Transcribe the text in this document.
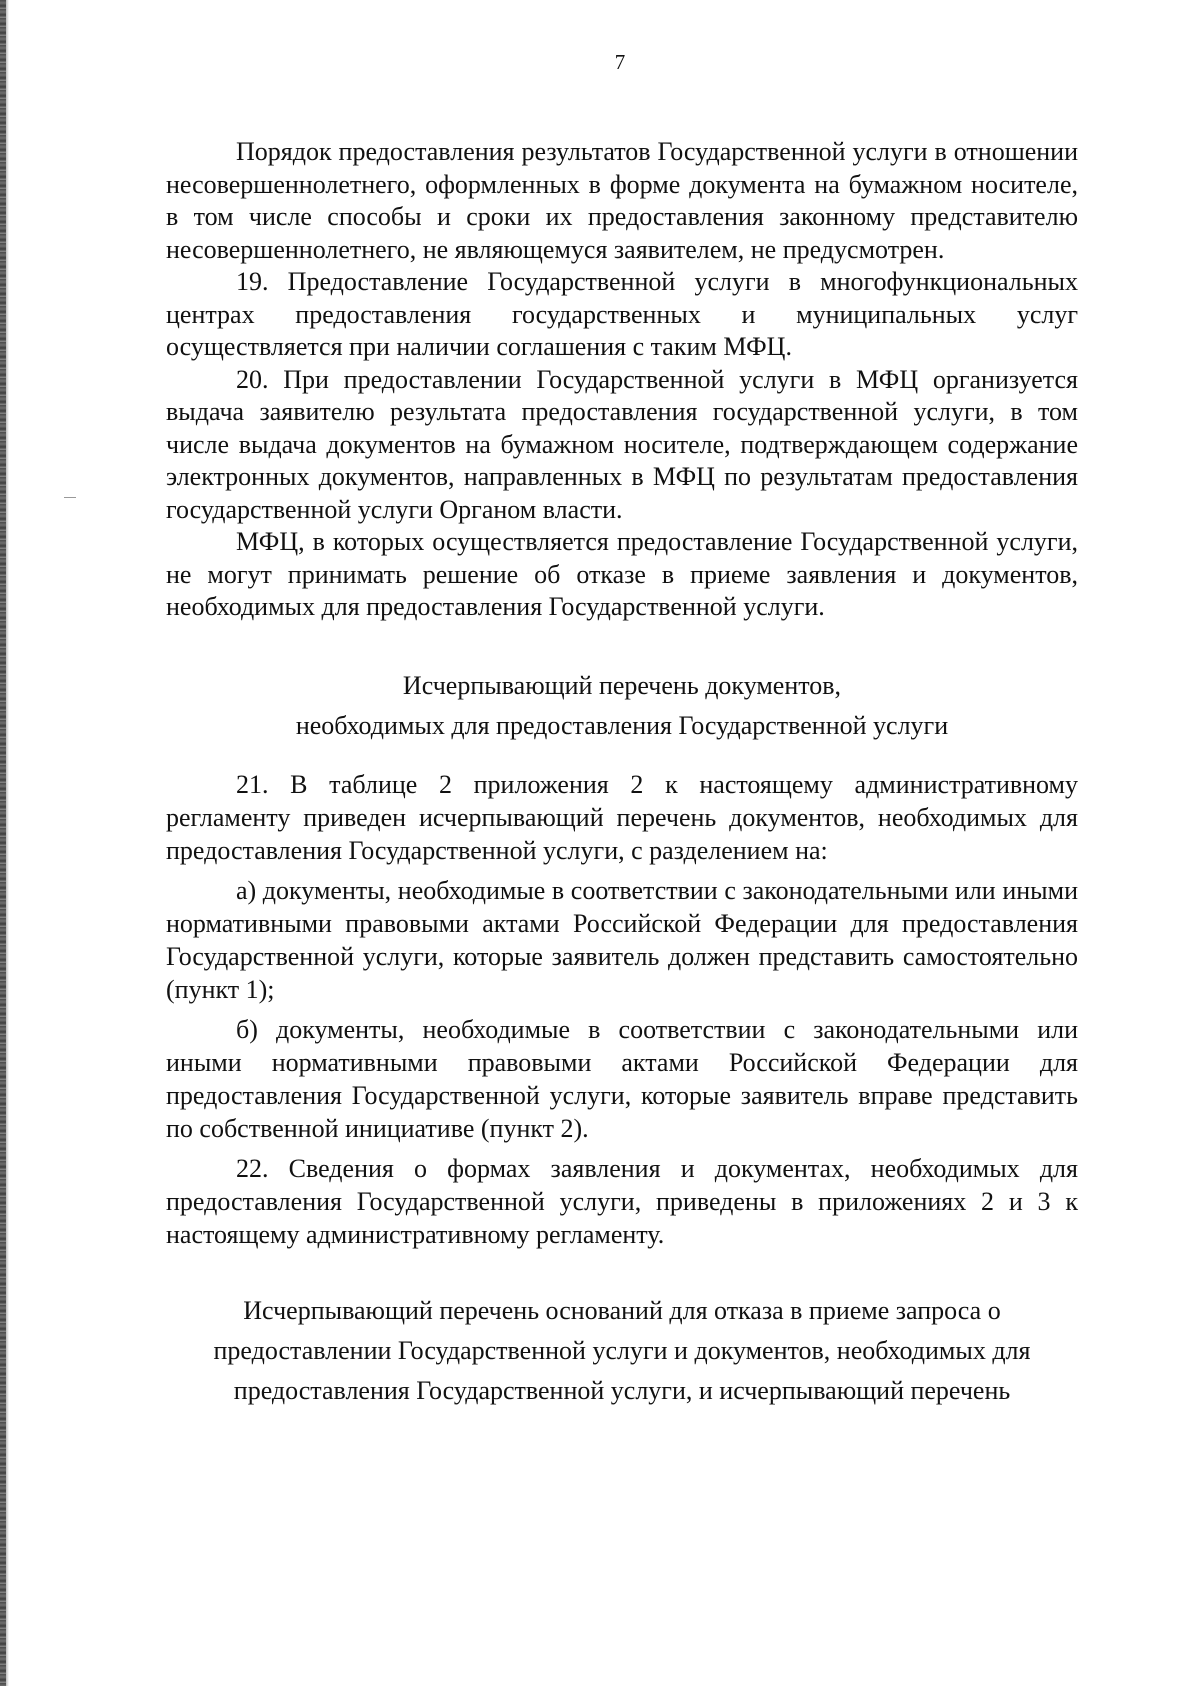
7

Порядок предоставления результатов Государственной услуги в отношении несовершеннолетнего, оформленных в форме документа на бумажном носителе, в том числе способы и сроки их предоставления законному представителю несовершеннолетнего, не являющемуся заявителем, не предусмотрен.

19. Предоставление Государственной услуги в многофункциональных центрах предоставления государственных и муниципальных услуг осуществляется при наличии соглашения с таким МФЦ.

20. При предоставлении Государственной услуги в МФЦ организуется выдача заявителю результата предоставления государственной услуги, в том числе выдача документов на бумажном носителе, подтверждающем содержание электронных документов, направленных в МФЦ по результатам предоставления государственной услуги Органом власти.

МФЦ, в которых осуществляется предоставление Государственной услуги, не могут принимать решение об отказе в приеме заявления и документов, необходимых для предоставления Государственной услуги.

Исчерпывающий перечень документов,
необходимых для предоставления Государственной услуги

21. В таблице 2 приложения 2 к настоящему административному регламенту приведен исчерпывающий перечень документов, необходимых для предоставления Государственной услуги, с разделением на:

а) документы, необходимые в соответствии с законодательными или иными нормативными правовыми актами Российской Федерации для предоставления Государственной услуги, которые заявитель должен представить самостоятельно (пункт 1);

б) документы, необходимые в соответствии с законодательными или иными нормативными правовыми актами Российской Федерации для предоставления Государственной услуги, которые заявитель вправе представить по собственной инициативе (пункт 2).

22. Сведения о формах заявления и документах, необходимых для предоставления Государственной услуги, приведены в приложениях 2 и 3 к настоящему административному регламенту.

Исчерпывающий перечень оснований для отказа в приеме запроса о
предоставлении Государственной услуги и документов, необходимых для
предоставления Государственной услуги, и исчерпывающий перечень
